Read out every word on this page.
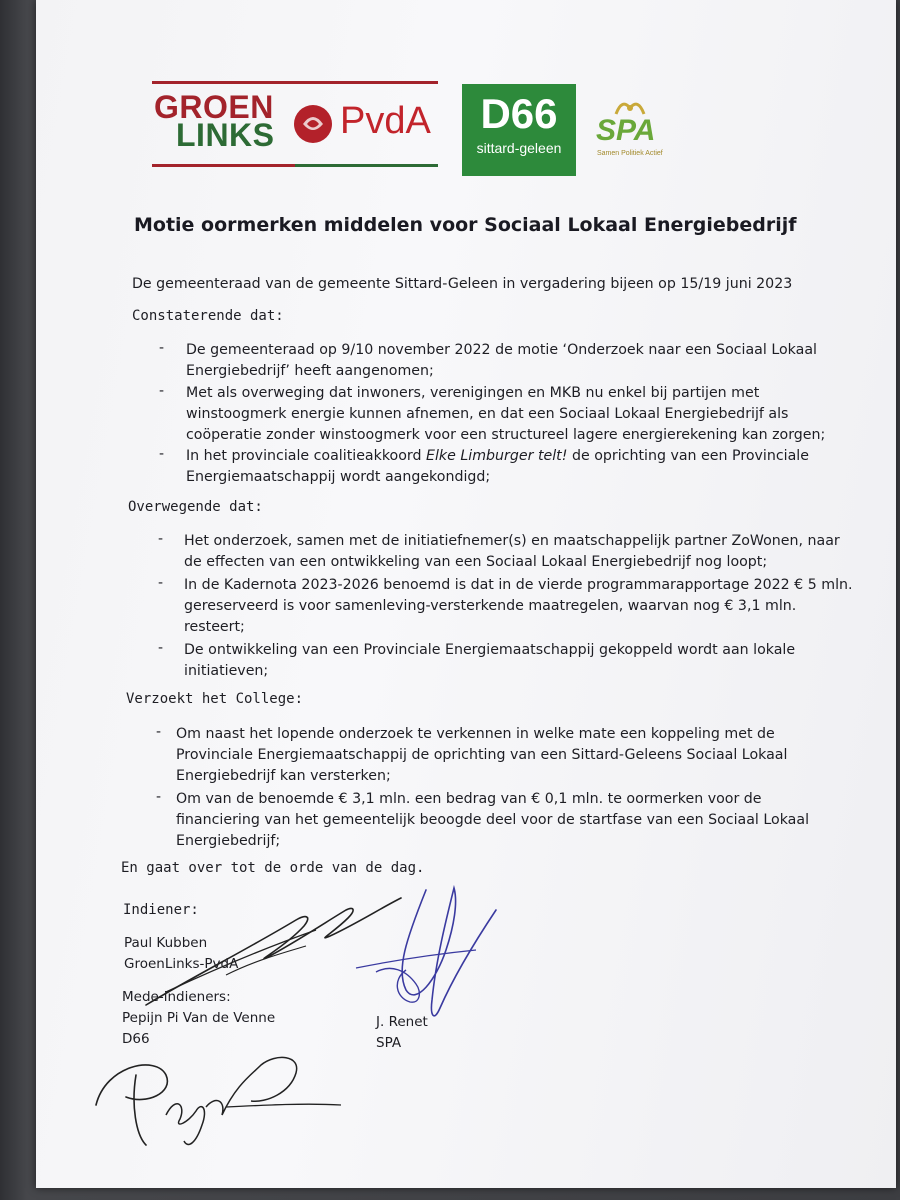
GROEN
LINKS PvdA	D66
sittard-geleen
SPA
Samen Politiek Actief
Motie oormerken middelen voor Sociaal Lokaal Energiebedrijf
De gemeenteraad van de gemeente Sittard-Geleen in vergadering bijeen op 15/19 juni 2023
Constaterende dat:
- De gemeenteraad op 9/10 november 2022 de motie ‘Onderzoek naar een Sociaal Lokaal
Energiebedrijf’ heeft aangenomen;
- Met als overweging dat inwoners, verenigingen en MKB nu enkel bij partijen met
winstoogmerk energie kunnen afnemen, en dat een Sociaal Lokaal Energiebedrijf als
coöperatie zonder winstoogmerk voor een structureel lagere energierekening kan zorgen;
- In het provinciale coalitieakkoord Elke Limburger telt! de oprichting van een Provinciale
Energiemaatschappij wordt aangekondigd;
Overwegende dat:
- Het onderzoek, samen met de initiatiefnemer(s) en maatschappelijk partner ZoWonen, naar
de effecten van een ontwikkeling van een Sociaal Lokaal Energiebedrijf nog loopt;
- In de Kadernota 2023-2026 benoemd is dat in de vierde programmarapportage 2022 € 5 mln.
gereserveerd is voor samenleving-versterkende maatregelen, waarvan nog € 3,1 mln.
resteert;
- De ontwikkeling van een Provinciale Energiemaatschappij gekoppeld wordt aan lokale
initiatieven;
Verzoekt het College:
- Om naast het lopende onderzoek te verkennen in welke mate een koppeling met de
Provinciale Energiemaatschappij de oprichting van een Sittard-Geleens Sociaal Lokaal
Energiebedrijf kan versterken;
- Om van de benoemde € 3,1 mln. een bedrag van € 0,1 mln. te oormerken voor de
financiering van het gemeentelijk beoogde deel voor de startfase van een Sociaal Lokaal
Energiebedrijf;
En gaat over tot de orde van de dag.
Indiener:
Paul Kubben
GroenLinks-PvdA
Mede-indieners:
Pepijn Pi Van de Venne
D66
J. Renet
SPA
